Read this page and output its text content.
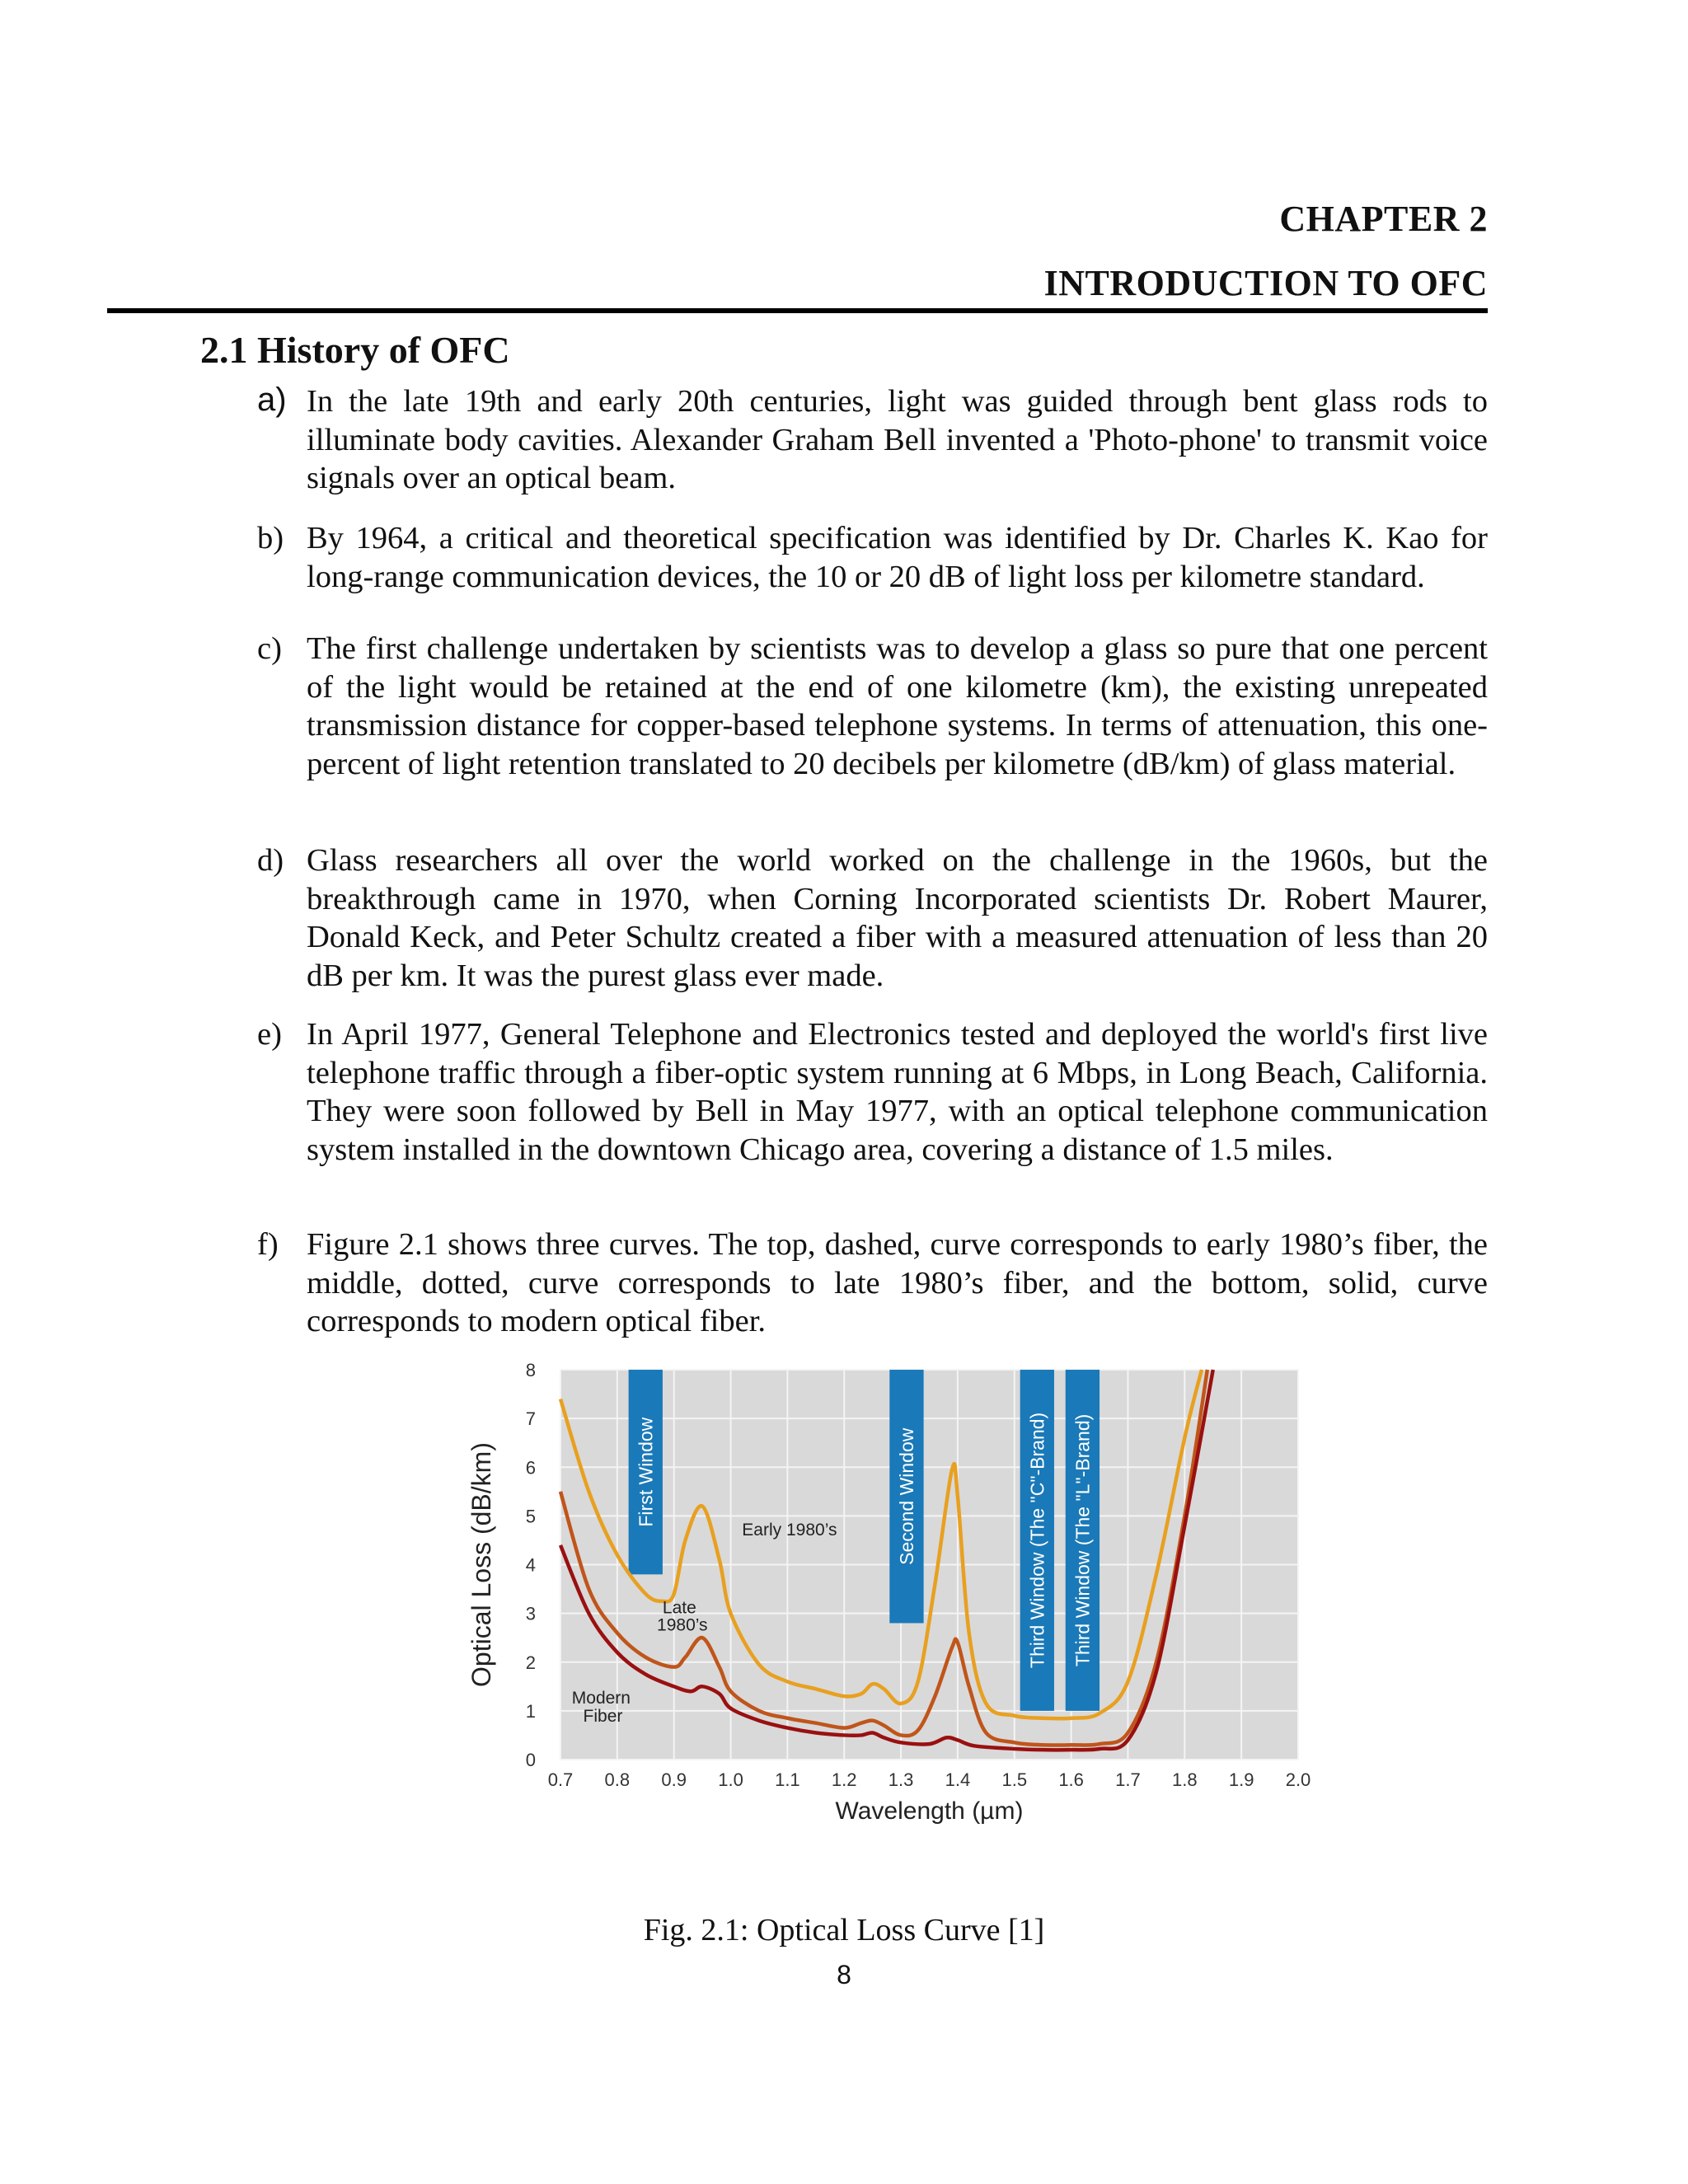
CHAPTER 2
INTRODUCTION TO OFC
2.1 History of OFC
a) In the late 19th and early 20th centuries, light was guided through bent glass rods to illuminate body cavities. Alexander Graham Bell invented a 'Photo-phone' to transmit voice signals over an optical beam.
b) By 1964, a critical and theoretical specification was identified by Dr. Charles K. Kao for long-range communication devices, the 10 or 20 dB of light loss per kilometre standard.
c) The first challenge undertaken by scientists was to develop a glass so pure that one percent of the light would be retained at the end of one kilometre (km), the existing unrepeated transmission distance for copper-based telephone systems. In terms of attenuation, this one-percent of light retention translated to 20 decibels per kilometre (dB/km) of glass material.
d) Glass researchers all over the world worked on the challenge in the 1960s, but the breakthrough came in 1970, when Corning Incorporated scientists Dr. Robert Maurer, Donald Keck, and Peter Schultz created a fiber with a measured attenuation of less than 20 dB per km. It was the purest glass ever made.
e) In April 1977, General Telephone and Electronics tested and deployed the world's first live telephone traffic through a fiber-optic system running at 6 Mbps, in Long Beach, California. They were soon followed by Bell in May 1977, with an optical telephone communication system installed in the downtown Chicago area, covering a distance of 1.5 miles.
f) Figure 2.1 shows three curves. The top, dashed, curve corresponds to early 1980’s fiber, the middle, dotted, curve corresponds to late 1980’s fiber, and the bottom, solid, curve corresponds to modern optical fiber.
0
1
2
3
4
5
6
7
8
0.7 0.8 0.9 1.0 1.1 1.2 1.3 1.4 1.5 1.6 1.7 1.8 1.9 2.0
First Window	Second Window	Third Window (The "C"-Brand) Third Window (The "L"-Brand)
Early 1980’s
Late
1980’s
Modern
Fiber
Optical Loss (dB/km)
Wavelength (µm)
Fig. 2.1: Optical Loss Curve [1]
8
